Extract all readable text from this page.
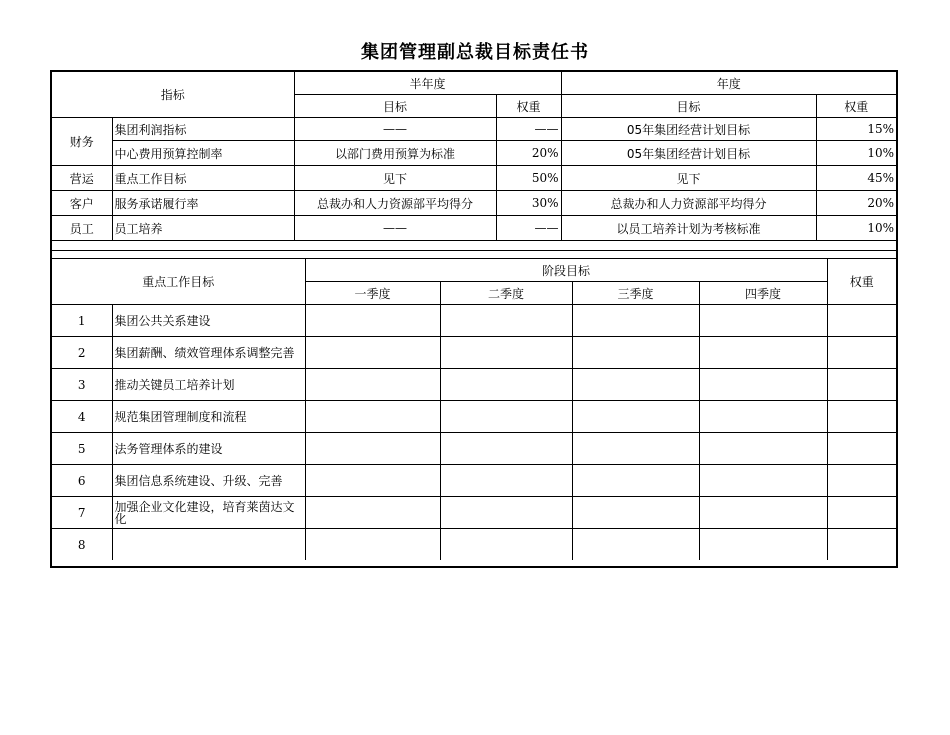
集团管理副总裁目标责任书
指标		半年度		年度	
		目标	权重	目标	权重
财务	集团利润指标	——	——	05年集团经营计划目标	15%
	中心费用预算控制率	以部门费用预算为标准	20%	05年集团经营计划目标	10%
营运	重点工作目标	见下	50%	见下	45%
客户	服务承诺履行率	总裁办和人力资源部平均得分	30%	总裁办和人力资源部平均得分	20%
员工	员工培养	——	——	以员工培养计划为考核标准	10%
重点工作目标		阶段目标				权重
		一季度	二季度	三季度	四季度	
1	集团公共关系建设					
2	集团薪酬、绩效管理体系调整完善					
3	推动关键员工培养计划					
4	规范集团管理制度和流程					
5	法务管理体系的建设					
6	集团信息系统建设、升级、完善					
7	加强企业文化建设，培育莱茵达文化					
8						
